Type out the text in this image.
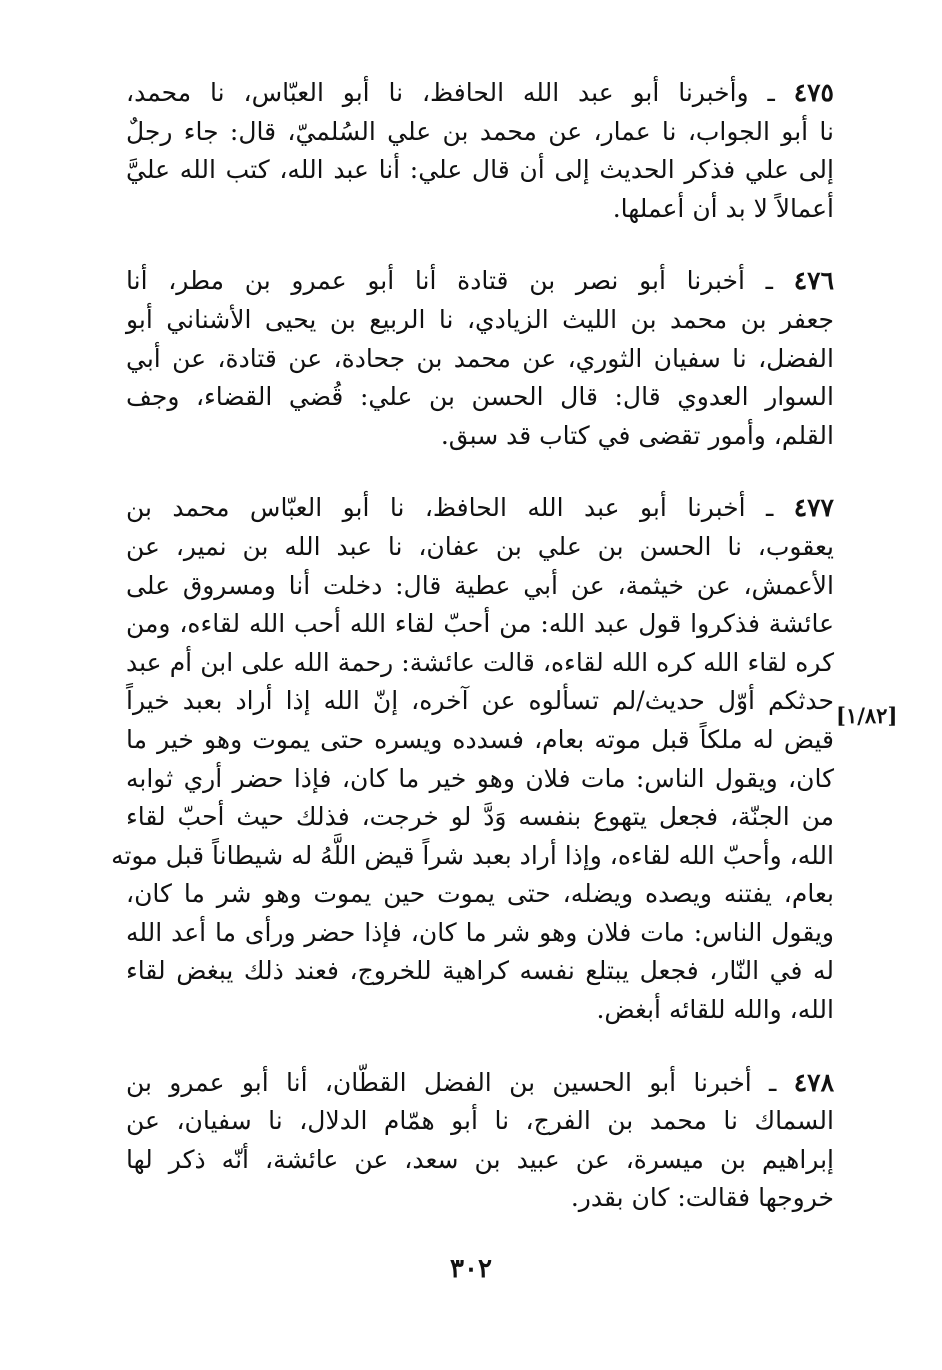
٤٧٥ ـ وأخبرنا أبو عبد الله الحافظ، نا أبو العبّاس، نا محمد،
نا أبو الجواب، نا عمار، عن محمد بن علي السُلميّ، قال: جاء رجلٌ
إلى علي فذكر الحديث إلى أن قال علي: أنا عبد الله، كتب الله عليَّ
أعمالاً لا بد أن أعملها.
٤٧٦ ـ أخبرنا أبو نصر بن قتادة أنا أبو عمرو بن مطر، أنا
جعفر بن محمد بن الليث الزيادي، نا الربيع بن يحيى الأشناني أبو
الفضل، نا سفيان الثوري، عن محمد بن جحادة، عن قتادة، عن أبي
السوار العدوي قال: قال الحسن بن علي: قُضي القضاء، وجف
القلم، وأمور تقضى في كتاب قد سبق.
٤٧٧ ـ أخبرنا أبو عبد الله الحافظ، نا أبو العبّاس محمد بن
يعقوب، نا الحسن بن علي بن عفان، نا عبد الله بن نمير، عن
الأعمش، عن خيثمة، عن أبي عطية قال: دخلت أنا ومسروق على
عائشة فذكروا قول عبد الله: من أحبّ لقاء الله أحب الله لقاءه، ومن
كره لقاء الله كره الله لقاءه، قالت عائشة: رحمة الله على ابن أم عبد
حدثكم أوّل حديث/لم تسألوه عن آخره، إنّ الله إذا أراد بعبد خيراً
قيض له ملكاً قبل موته بعام، فسدده ويسره حتى يموت وهو خير ما
كان، ويقول الناس: مات فلان وهو خير ما كان، فإذا حضر أري ثوابه
من الجنّة، فجعل يتهوع بنفسه وَدَّ لو خرجت، فذلك حيث أحبّ لقاء
الله، وأحبّ الله لقاءه، وإذا أراد بعبد شراً قيض اللَّهُ له شيطاناً قبل موته
بعام، يفتنه ويصده ويضله، حتى يموت حين يموت وهو شر ما كان،
ويقول الناس: مات فلان وهو شر ما كان، فإذا حضر ورأى ما أعد الله
له في النّار، فجعل يبتلع نفسه كراهية للخروج، فعند ذلك يبغض لقاء
الله، والله للقائه أبغض.
٤٧٨ ـ أخبرنا أبو الحسين بن الفضل القطّان، أنا أبو عمرو بن
السماك نا محمد بن الفرج، نا أبو همّام الدلال، نا سفيان، عن
إبراهيم بن ميسرة، عن عبيد بن سعد، عن عائشة، أنّه ذكر لها
خروجها فقالت: كان بقدر.
[١/٨٢]
٣٠٢
